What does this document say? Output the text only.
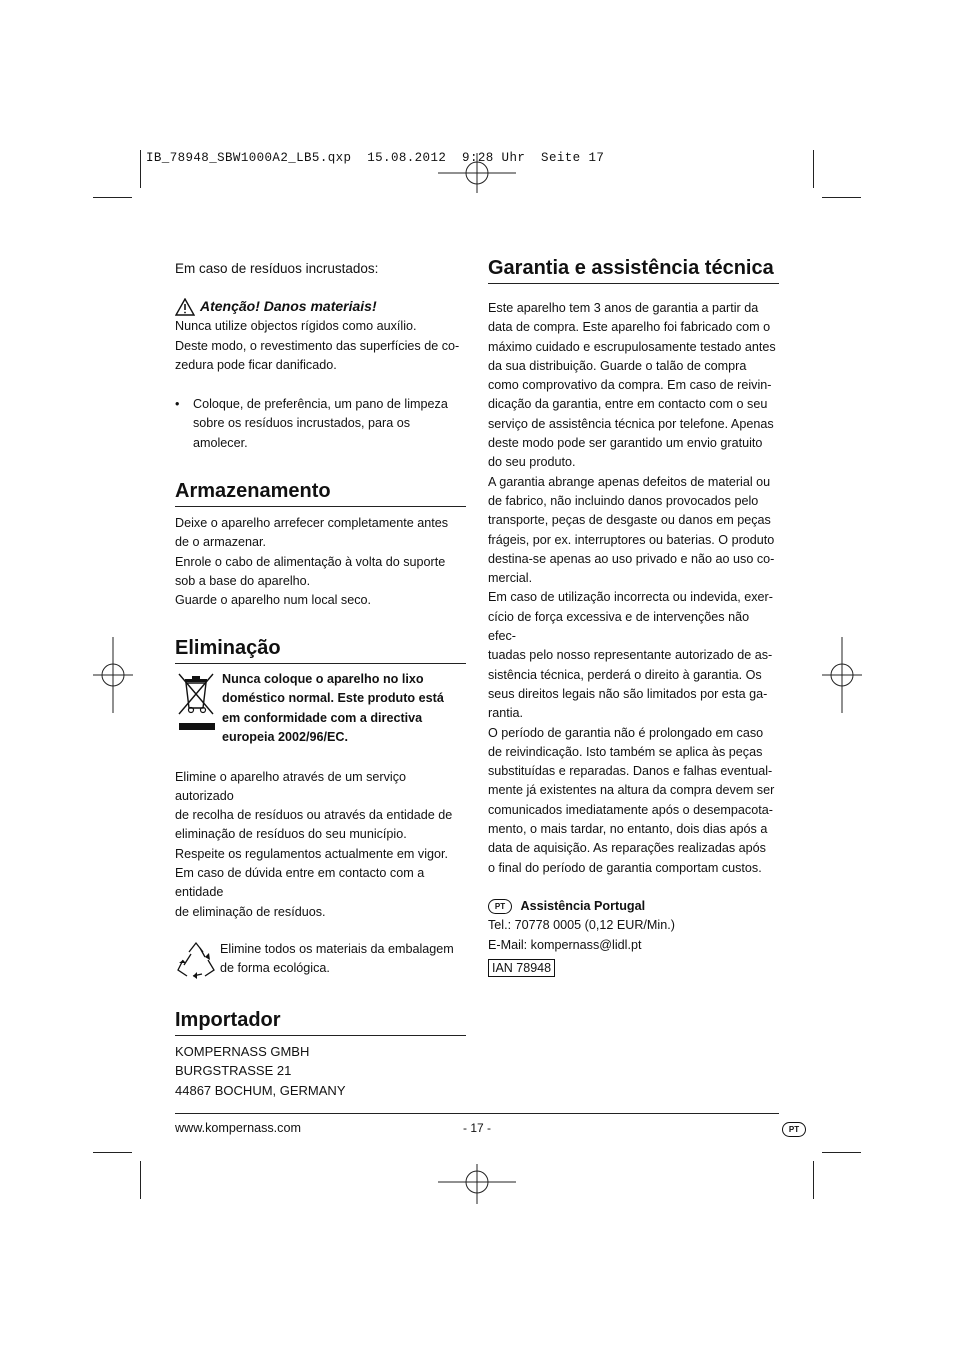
IB_78948_SBW1000A2_LB5.qxp  15.08.2012  9:28 Uhr  Seite 17

Em caso de resíduos incrustados:

Atenção! Danos materiais!

Nunca utilize objectos rígidos como auxílio.

Deste modo, o revestimento das superfícies de co-

zedura pode ficar danificado.

•	Coloque, de preferência, um pano de limpeza

sobre os resíduos incrustados, para os amolecer.

Armazenamento

Deixe o aparelho arrefecer completamente antes

de o armazenar.

Enrole o cabo de alimentação à volta do suporte

sob a base do aparelho.

Guarde o aparelho num local seco.

Eliminação

Nunca coloque o aparelho no lixo

doméstico normal. Este produto está

em conformidade com a directiva

europeia 2002/96/EC.

Elimine o aparelho através de um serviço autorizado

de recolha de resíduos ou através da entidade de

eliminação de resíduos do seu município.

Respeite os regulamentos actualmente em vigor.

Em caso de dúvida entre em contacto com a entidade

de eliminação de resíduos.

Elimine todos os materiais da embalagem

de forma ecológica.

Importador

KOMPERNASS GMBH

BURGSTRASSE 21

44867 BOCHUM, GERMANY

www.kompernass.com

Garantia e assistência técnica

Este aparelho tem 3 anos de garantia a partir da

data de compra. Este aparelho foi fabricado com o

máximo cuidado e escrupulosamente testado antes

da sua distribuição. Guarde o talão de compra

como comprovativo da compra. Em caso de reivin-

dicação da garantia, entre em contacto com o seu

serviço de assistência técnica por telefone. Apenas

deste modo pode ser garantido um envio gratuito

do seu produto.

A garantia abrange apenas defeitos de material ou

de fabrico, não incluindo danos provocados pelo

transporte, peças de desgaste ou danos em peças

frágeis, por ex. interruptores ou baterias. O produto

destina-se apenas ao uso privado e não ao uso co-

mercial.

Em caso de utilização incorrecta ou indevida, exer-

cício de força excessiva e de intervenções não efec-

tuadas pelo nosso representante autorizado de as-

sistência técnica, perderá o direito à garantia. Os

seus direitos legais não são limitados por esta ga-

rantia.

O período de garantia não é prolongado em caso

de reivindicação. Isto também se aplica às peças

substituídas e reparadas. Danos e falhas eventual-

mente já existentes na altura da compra devem ser

comunicados imediatamente após o desempacota-

mento, o mais tardar, no entanto, dois dias após a

data de aquisição. As reparações realizadas após

o final do período de garantia comportam custos.

PT Assistência Portugal

Tel.: 70778 0005 (0,12 EUR/Min.)

E-Mail: kompernass@lidl.pt

IAN 78948
- 17 -	PT
